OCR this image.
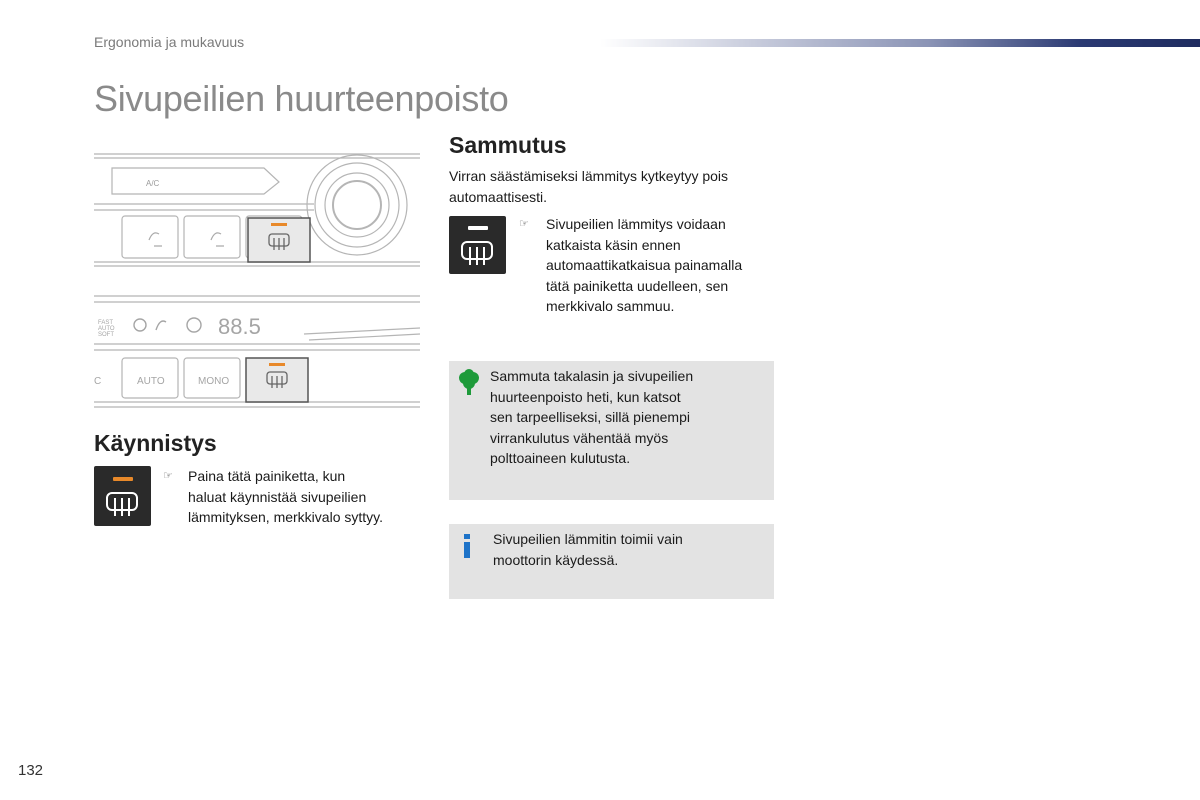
Ergonomia ja mukavuus
Sivupeilien huurteenpoisto
A/C
FAST
AUTO
SOFT	88.5
AUTO	MONO
C
Käynnistys
☞ Paina tätä painiketta, kun
haluat käynnistää sivupeilien
lämmityksen, merkkivalo syttyy.
Sammutus
Virran säästämiseksi lämmitys kytkeytyy pois
automaattisesti.
☞ Sivupeilien lämmitys voidaan
katkaista käsin ennen
automaattikatkaisua painamalla
tätä painiketta uudelleen, sen
merkkivalo sammuu.
Sammuta takalasin ja sivupeilien
huurteenpoisto heti, kun katsot
sen tarpeelliseksi, sillä pienempi
virrankulutus vähentää myös
polttoaineen kulutusta.
Sivupeilien lämmitin toimii vain
moottorin käydessä.
132
